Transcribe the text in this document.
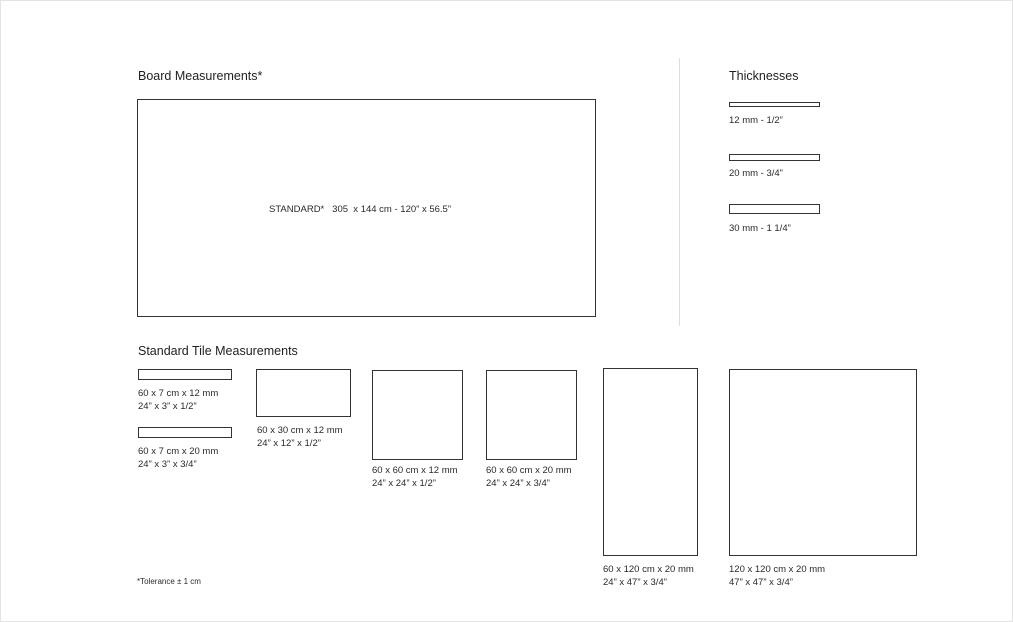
Board Measurements*
STANDARD* 305  x 144 cm - 120” x 56.5”
Thicknesses
12 mm - 1/2”
20 mm - 3/4”
30 mm - 1 1/4”
Standard Tile Measurements
60 x 7 cm x 12 mm
24” x 3” x 1/2”
60 x 7 cm x 20 mm
24” x 3” x 3/4”
60 x 30 cm x 12 mm
24” x 12” x 1/2”
60 x 60 cm x 12 mm
24” x 24” x 1/2”
60 x 60 cm x 20 mm
24” x 24” x 3/4”
60 x 120 cm x 20 mm
24” x 47” x 3/4”
120 x 120 cm x 20 mm
47” x 47” x 3/4”
*Tolerance ± 1 cm
